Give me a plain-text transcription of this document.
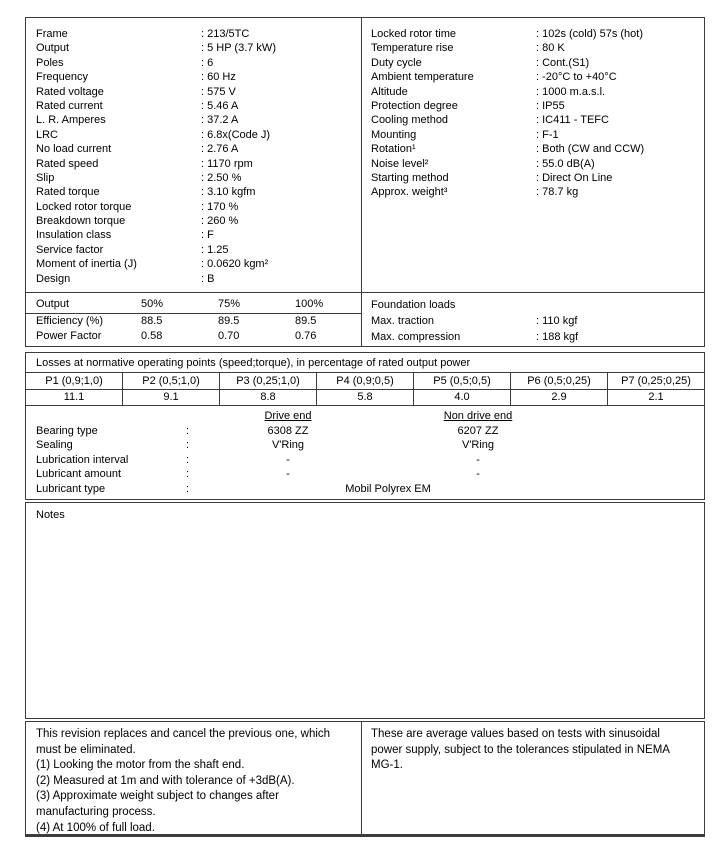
Frame	: 213/5TC
Output	: 5 HP (3.7 kW)
Poles	: 6
Frequency	: 60 Hz
Rated voltage	: 575 V
Rated current	: 5.46 A
L. R. Amperes	: 37.2 A
LRC	: 6.8x(Code J)
No load current	: 2.76 A
Rated speed	: 1170 rpm
Slip	: 2.50 %
Rated torque	: 3.10 kgfm
Locked rotor torque	: 170 %
Breakdown torque	: 260 %
Insulation class	: F
Service factor	: 1.25
Moment of inertia (J)	: 0.0620 kgm²
Design	: B
Locked rotor time	: 102s (cold) 57s (hot)
Temperature rise	: 80 K
Duty cycle	: Cont.(S1)
Ambient temperature	: -20°C to +40°C
Altitude	: 1000 m.a.s.l.
Protection degree	: IP55
Cooling method	: IC411 - TEFC
Mounting	: F-1
Rotation¹	: Both (CW and CCW)
Noise level²	: 55.0 dB(A)
Starting method	: Direct On Line
Approx. weight³	: 78.7 kg
Output	50%	75%	100%
Efficiency (%)	88.5	89.5	89.5
Power Factor	0.58	0.70	0.76
Foundation loads
Max. traction	: 110 kgf
Max. compression	: 188 kgf
Losses at normative operating points (speed;torque), in percentage of rated output power
P1 (0,9;1,0)	P2 (0,5;1,0)	P3 (0,25;1,0)	P4 (0,9;0,5)	P5 (0,5;0,5)	P6 (0,5;0,25)	P7 (0,25;0,25)
11.1	9.1	8.8	5.8	4.0	2.9	2.1
Drive end	Non drive end
Bearing type	:	6308 ZZ	6207 ZZ
Sealing	:	V'Ring	V'Ring
Lubrication interval	:	-	-
Lubricant amount	:	-	-
Lubricant type	:	Mobil Polyrex EM
Notes

This revision replaces and cancel the previous one, which must be eliminated.

(1) Looking the motor from the shaft end.

(2) Measured at 1m and with tolerance of +3dB(A).

(3) Approximate weight subject to changes after manufacturing process.

(4) At 100% of full load.

These are average values based on tests with sinusoidal power supply, subject to the tolerances stipulated in NEMA MG-1.
